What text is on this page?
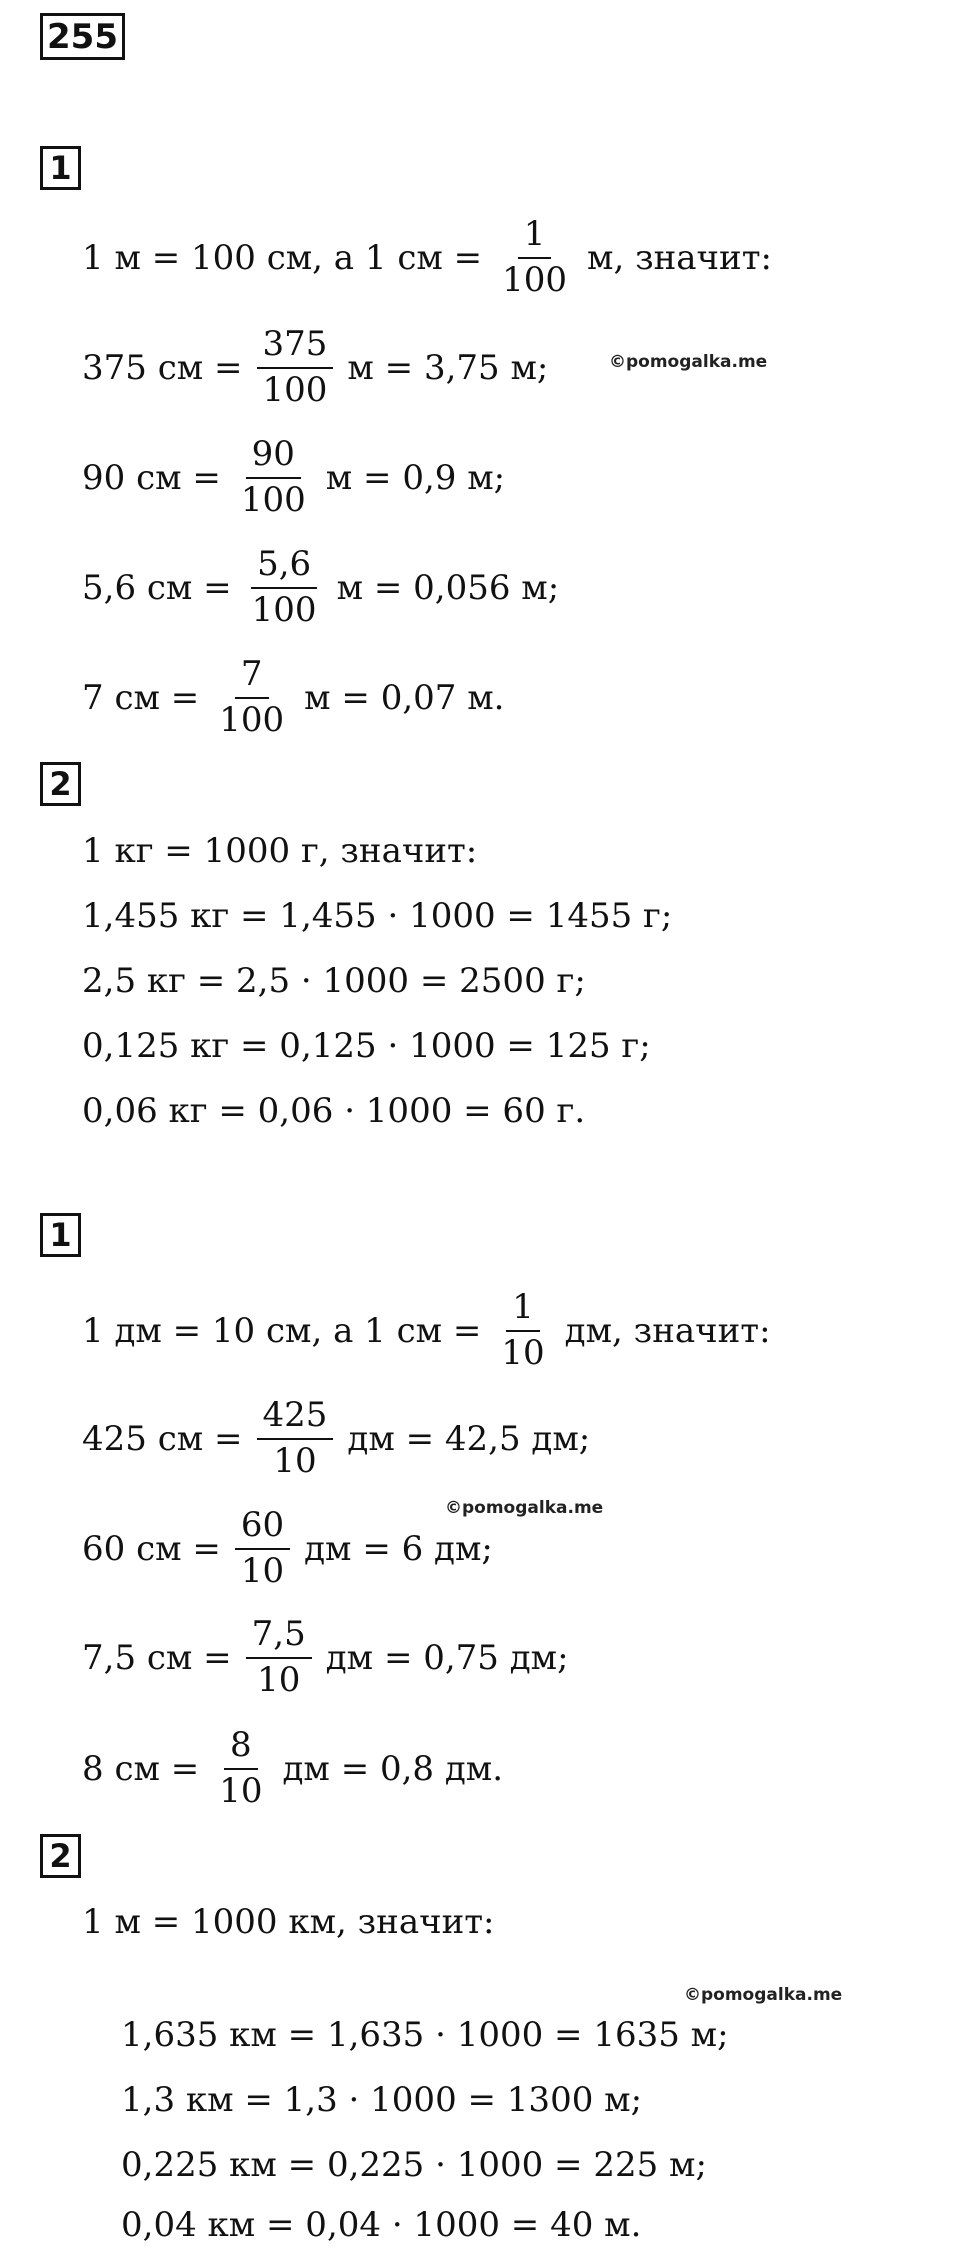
255
1
1 м = 100 см, а 1 см = $\frac{1}{100} м$, значит:
375 см = $\frac{375}{100}$ м = 3,75 м;
90 см = $\frac{90}{100}$ м = 0,9 м;
5,6 см = $\frac{5,6}{100}$ м = 0,056 м;
7 см = $\frac{7}{100}$ м = 0,07 м.
©pomogalka.me
2
1 кг = 1000 г, значит:
1,455 кг = 1,455 · 1000 = 1455 г;
2,5 кг = 2,5 · 1000 = 2500 г;
0,125 кг = 0,125 · 1000 = 125 г;
0,06 кг = 0,06 · 1000 = 60 г.
1
1 дм = 10 см, а 1 см = $\frac{1}{10}$ дм, значит:
425 см = $\frac{425}{10}$ дм = 42,5 дм;
60 см = $\frac{60}{10}$ дм = 6 дм;
7,5 см = $\frac{7,5}{10}$ дм = 0,75 дм;
8 см = $\frac{8}{10}$ дм = 0,8 дм.
©pomogalka.me
2
1 м = 1000 км, значит:
©pomogalka.me
1,635 км = 1,635 · 1000 = 1635 м;
1,3 км = 1,3 · 1000 = 1300 м;
0,225 км = 0,225 · 1000 = 225 м;
0,04 км = 0,04 · 1000 = 40 м.
